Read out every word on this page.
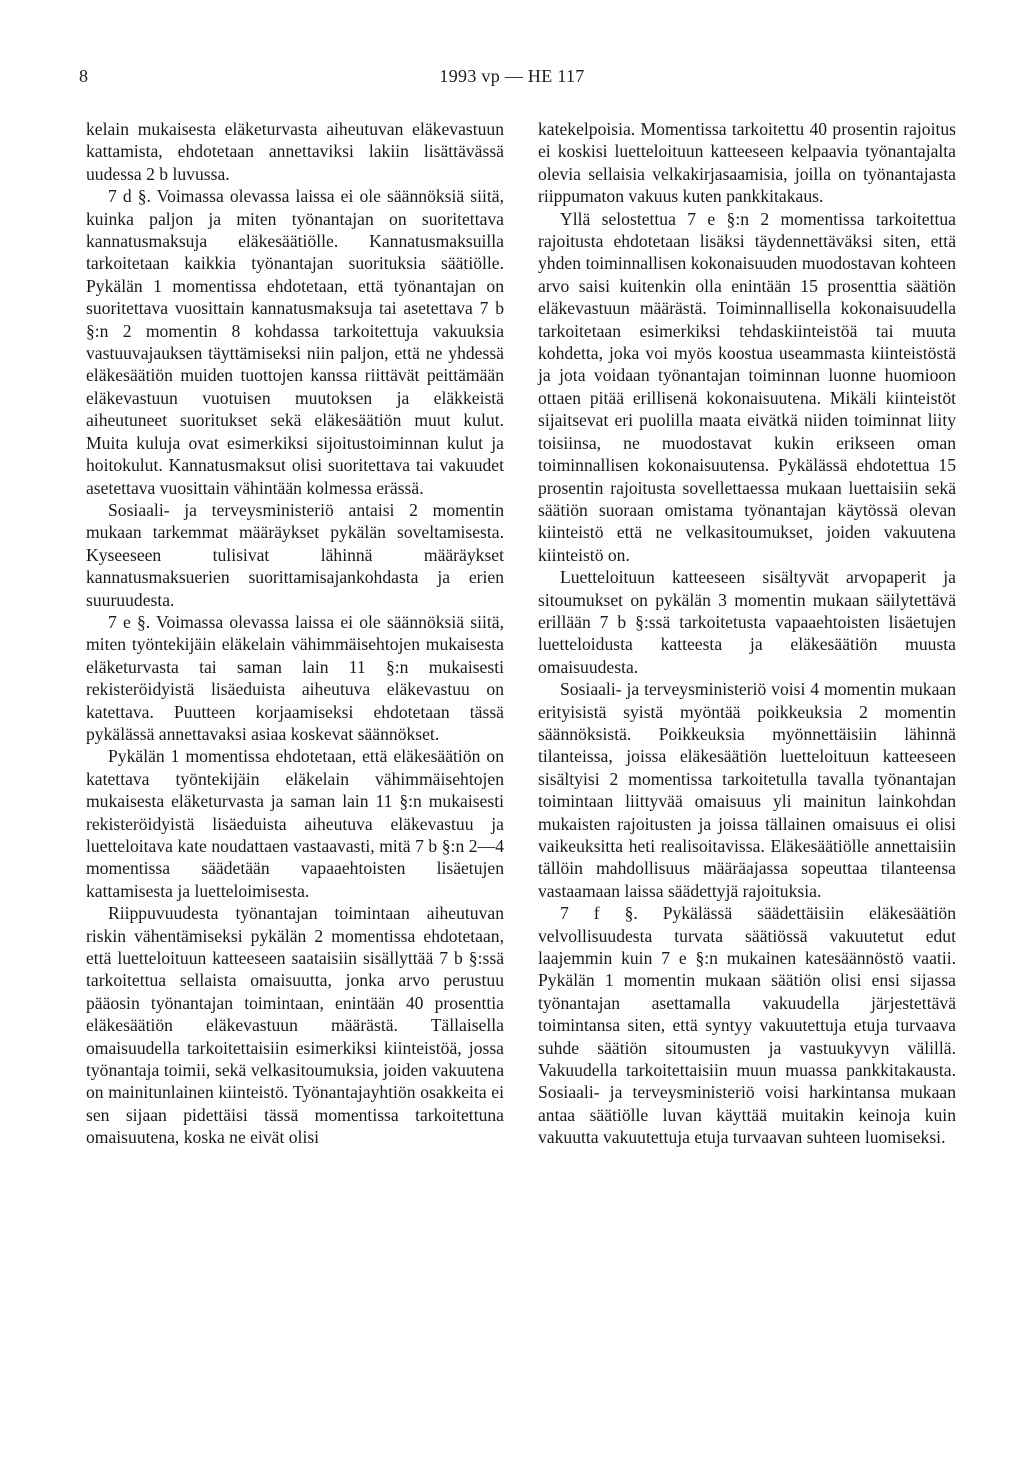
8	1993 vp — HE 117

kelain mukaisesta eläketurvasta aiheutuvan eläkevastuun kattamista, ehdotetaan annettaviksi lakiin lisättävässä uudessa 2 b luvussa.

7 d §. Voimassa olevassa laissa ei ole säännöksiä siitä, kuinka paljon ja miten työnantajan on suoritettava kannatusmaksuja eläkesäätiölle. Kannatusmaksuilla tarkoitetaan kaikkia työnantajan suorituksia säätiölle. Pykälän 1 momentissa ehdotetaan, että työnantajan on suoritettava vuosittain kannatusmaksuja tai asetettava 7 b §:n 2 momentin 8 kohdassa tarkoitettuja vakuuksia vastuuvajauksen täyttämiseksi niin paljon, että ne yhdessä eläkesäätiön muiden tuottojen kanssa riittävät peittämään eläkevastuun vuotuisen muutoksen ja eläkkeistä aiheutuneet suoritukset sekä eläkesäätiön muut kulut. Muita kuluja ovat esimerkiksi sijoitustoiminnan kulut ja hoitokulut. Kannatusmaksut olisi suoritettava tai vakuudet asetettava vuosittain vähintään kolmessa erässä.

Sosiaali- ja terveysministeriö antaisi 2 momentin mukaan tarkemmat määräykset pykälän soveltamisesta. Kyseeseen tulisivat lähinnä määräykset kannatusmaksuerien suorittamisajankohdasta ja erien suuruudesta.

7 e §. Voimassa olevassa laissa ei ole säännöksiä siitä, miten työntekijäin eläkelain vähimmäisehtojen mukaisesta eläketurvasta tai saman lain 11 §:n mukaisesti rekisteröidyistä lisäeduista aiheutuva eläkevastuu on katettava. Puutteen korjaamiseksi ehdotetaan tässä pykälässä annettavaksi asiaa koskevat säännökset.

Pykälän 1 momentissa ehdotetaan, että eläkesäätiön on katettava työntekijäin eläkelain vähimmäisehtojen mukaisesta eläketurvasta ja saman lain 11 §:n mukaisesti rekisteröidyistä lisäeduista aiheutuva eläkevastuu ja luetteloitava kate noudattaen vastaavasti, mitä 7 b §:n 2—4 momentissa säädetään vapaaehtoisten lisäetujen kattamisesta ja luetteloimisesta.

Riippuvuudesta työnantajan toimintaan aiheutuvan riskin vähentämiseksi pykälän 2 momentissa ehdotetaan, että luetteloituun katteeseen saataisiin sisällyttää 7 b §:ssä tarkoitettua sellaista omaisuutta, jonka arvo perustuu pääosin työnantajan toimintaan, enintään 40 prosenttia eläkesäätiön eläkevastuun määrästä. Tällaisella omaisuudella tarkoitettaisiin esimerkiksi kiinteistöä, jossa työnantaja toimii, sekä velkasitoumuksia, joiden vakuutena on mainitunlainen kiinteistö. Työnantajayhtiön osakkeita ei sen sijaan pidettäisi tässä momentissa tarkoitettuna omaisuutena, koska ne eivät olisi

katekelpoisia. Momentissa tarkoitettu 40 prosentin rajoitus ei koskisi luetteloituun katteeseen kelpaavia työnantajalta olevia sellaisia velkakirjasaamisia, joilla on työnantajasta riippumaton vakuus kuten pankkitakaus.

Yllä selostettua 7 e §:n 2 momentissa tarkoitettua rajoitusta ehdotetaan lisäksi täydennettäväksi siten, että yhden toiminnallisen kokonaisuuden muodostavan kohteen arvo saisi kuitenkin olla enintään 15 prosenttia säätiön eläkevastuun määrästä. Toiminnallisella kokonaisuudella tarkoitetaan esimerkiksi tehdaskiinteistöä tai muuta kohdetta, joka voi myös koostua useammasta kiinteistöstä ja jota voidaan työnantajan toiminnan luonne huomioon ottaen pitää erillisenä kokonaisuutena. Mikäli kiinteistöt sijaitsevat eri puolilla maata eivätkä niiden toiminnat liity toisiinsa, ne muodostavat kukin erikseen oman toiminnallisen kokonaisuutensa. Pykälässä ehdotettua 15 prosentin rajoitusta sovellettaessa mukaan luettaisiin sekä säätiön suoraan omistama työnantajan käytössä olevan kiinteistö että ne velkasitoumukset, joiden vakuutena kiinteistö on.

Luetteloituun katteeseen sisältyvät arvopaperit ja sitoumukset on pykälän 3 momentin mukaan säilytettävä erillään 7 b §:ssä tarkoitetusta vapaaehtoisten lisäetujen luetteloidusta katteesta ja eläkesäätiön muusta omaisuudesta.

Sosiaali- ja terveysministeriö voisi 4 momentin mukaan erityisistä syistä myöntää poikkeuksia 2 momentin säännöksistä. Poikkeuksia myönnettäisiin lähinnä tilanteissa, joissa eläkesäätiön luetteloituun katteeseen sisältyisi 2 momentissa tarkoitetulla tavalla työnantajan toimintaan liittyvää omaisuus yli mainitun lainkohdan mukaisten rajoitusten ja joissa tällainen omaisuus ei olisi vaikeuksitta heti realisoitavissa. Eläkesäätiölle annettaisiin tällöin mahdollisuus määräajassa sopeuttaa tilanteensa vastaamaan laissa säädettyjä rajoituksia.

7 f §. Pykälässä säädettäisiin eläkesäätiön velvollisuudesta turvata säätiössä vakuutetut edut laajemmin kuin 7 e §:n mukainen katesäännöstö vaatii. Pykälän 1 momentin mukaan säätiön olisi ensi sijassa työnantajan asettamalla vakuudella järjestettävä toimintansa siten, että syntyy vakuutettuja etuja turvaava suhde säätiön sitoumusten ja vastuukyvyn välillä. Vakuudella tarkoitettaisiin muun muassa pankkitakausta. Sosiaali- ja terveysministeriö voisi harkintansa mukaan antaa säätiölle luvan käyttää muitakin keinoja kuin vakuutta vakuutettuja etuja turvaavan suhteen luomiseksi.
